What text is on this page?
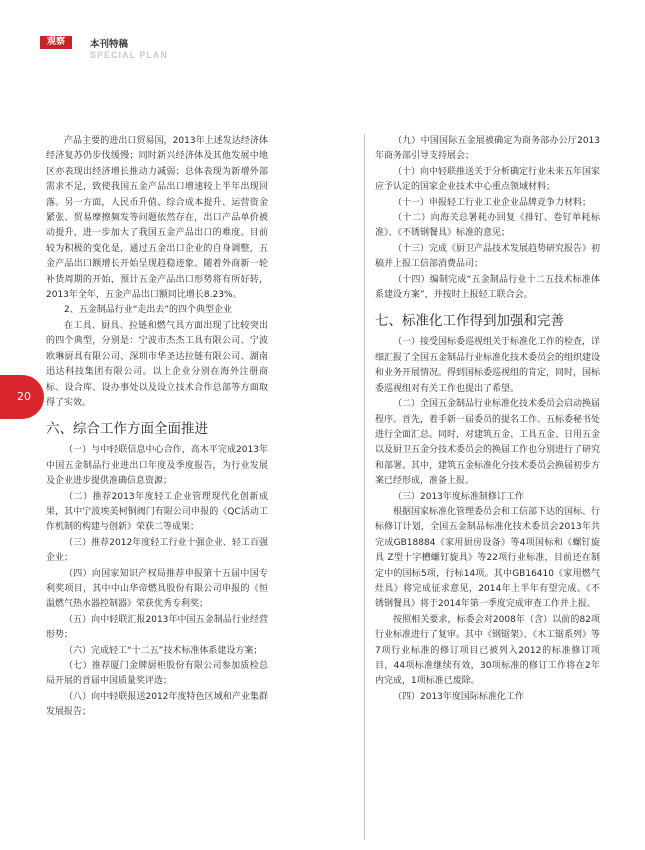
观察	本刊特稿
SPECIAL PLAN

产品主要的进出口贸易国，2013年上述发达经济体经济复苏仍步伐缓慢；同时新兴经济体及其他发展中地区亦表现出经济增长推动力减弱；总体表现为新增外部需求不足，致使我国五金产品出口增速较上半年出现回落。另一方面，人民币升值、综合成本提升、运营资金紧张、贸易摩擦频发等问题依然存在，出口产品单价被动提升，进一步加大了我国五金产品出口的难度。目前较为积极的变化是，通过五金出口企业的自身调整，五金产品出口额增长开始呈现趋稳迹象。随着外商新一轮补货周期的开始，预计五金产品出口形势将有所好转，2013年全年，五金产品出口额同比增长8.23%。

2、五金制品行业“走出去”的四个典型企业

在工具、厨具、拉链和燃气具方面出现了比较突出的四个典型，分别是：宁波市杰杰工具有限公司、宁波欧琳厨具有限公司、深圳市华圣达拉链有限公司、湖南迅达科技集团有限公司。以上企业分别在海外注册商标、设合库、设办事处以及设立技术合作总部等方面取得了实效。

六、综合工作方面全面推进

（一）与中轻联信息中心合作，高木平完成2013年中国五金制品行业进出口年度及季度报告，为行业发展及企业进步提供准确信息资源；

（二）推荐2013年度轻工企业管理现代化创新成果，其中宁波埃美柯铜阀门有限公司申报的《QC活动工作机制的构建与创新》荣获二等成果；

（三）推荐2012年度轻工行业十强企业、轻工百强企业；

（四）向国家知识产权局推荐申报第十五届中国专利奖项目，其中中山华帝燃具股份有限公司申报的《恒温燃气热水器控制器》荣获优秀专利奖；

（五）向中轻联汇报2013年中国五金制品行业经营形势；

（六）完成轻工“十二五”技术标准体系建设方案；

（七）推荐厦门金牌厨柜股份有限公司参加质检总局开展的首届中国质量奖评选；

（八）向中轻联报送2012年度特色区域和产业集群发展报告；

（九）中国国际五金展被确定为商务部办公厅2013年商务部引导支持展会；

（十）向中轻联推送关于分析确定行业未来五年国家应予认定的国家企业技术中心重点领域材料；

（十一）申报轻工行业工业企业品牌竞争力材料；

（十二）向海关总署耗办回复《排钉、卷钉单耗标准》、《不锈钢餐具》标准的意见；

（十三）完成《厨卫产品技术发展趋势研究报告》初稿并上报工信部消费品司；

（十四）编制完成“五金制品行业十二五技术标准体系建设方案”，并按时上报轻工联合会。

七、标准化工作得到加强和完善

（一）接受国标委巡视组关于标准化工作的检查，详细汇报了全国五金制品行业标准化技术委员会的组织建设和业务开展情况。得到国标委巡视组的肯定，同时，国标委巡视组对有关工作也提出了希望。

（二）全国五金制品行业标准化技术委员会启动换届程序。首先，着手新一届委员的提名工作。五标委秘书处进行全面汇总。同时，对建筑五金、工具五金、日用五金以及厨卫五金分技术委员会的换届工作也分别进行了研究和部署。其中，建筑五金标准化分技术委员会换届初步方案已经形成，准备上报。

（三）2013年度标准制修订工作

根据国家标准化管理委员会和工信部下达的国标、行标修订计划，全国五金制品标准化技术委员会2013年共完成GB18884《家用厨房设备》等4项国标和《螺钉旋具 Z型十字槽螺钉旋具》等22项行业标准，目前还在制定中的国标5项，行标14项。其中GB16410《家用燃气灶具》将完成征求意见，2014年上半年有望完成。《不锈钢餐具》将于2014年第一季度完成审查工作并上报。

按照相关要求，标委会对2008年（含）以前的82项行业标准进行了复审。其中《钢锯架》、《木工锯系列》等7项行业标准的修订项目已被列入2012的标准修订项目，44项标准继续有效，30项标准的修订工作将在2年内完成，1项标准已废除。

（四）2013年度国际标准化工作

20
